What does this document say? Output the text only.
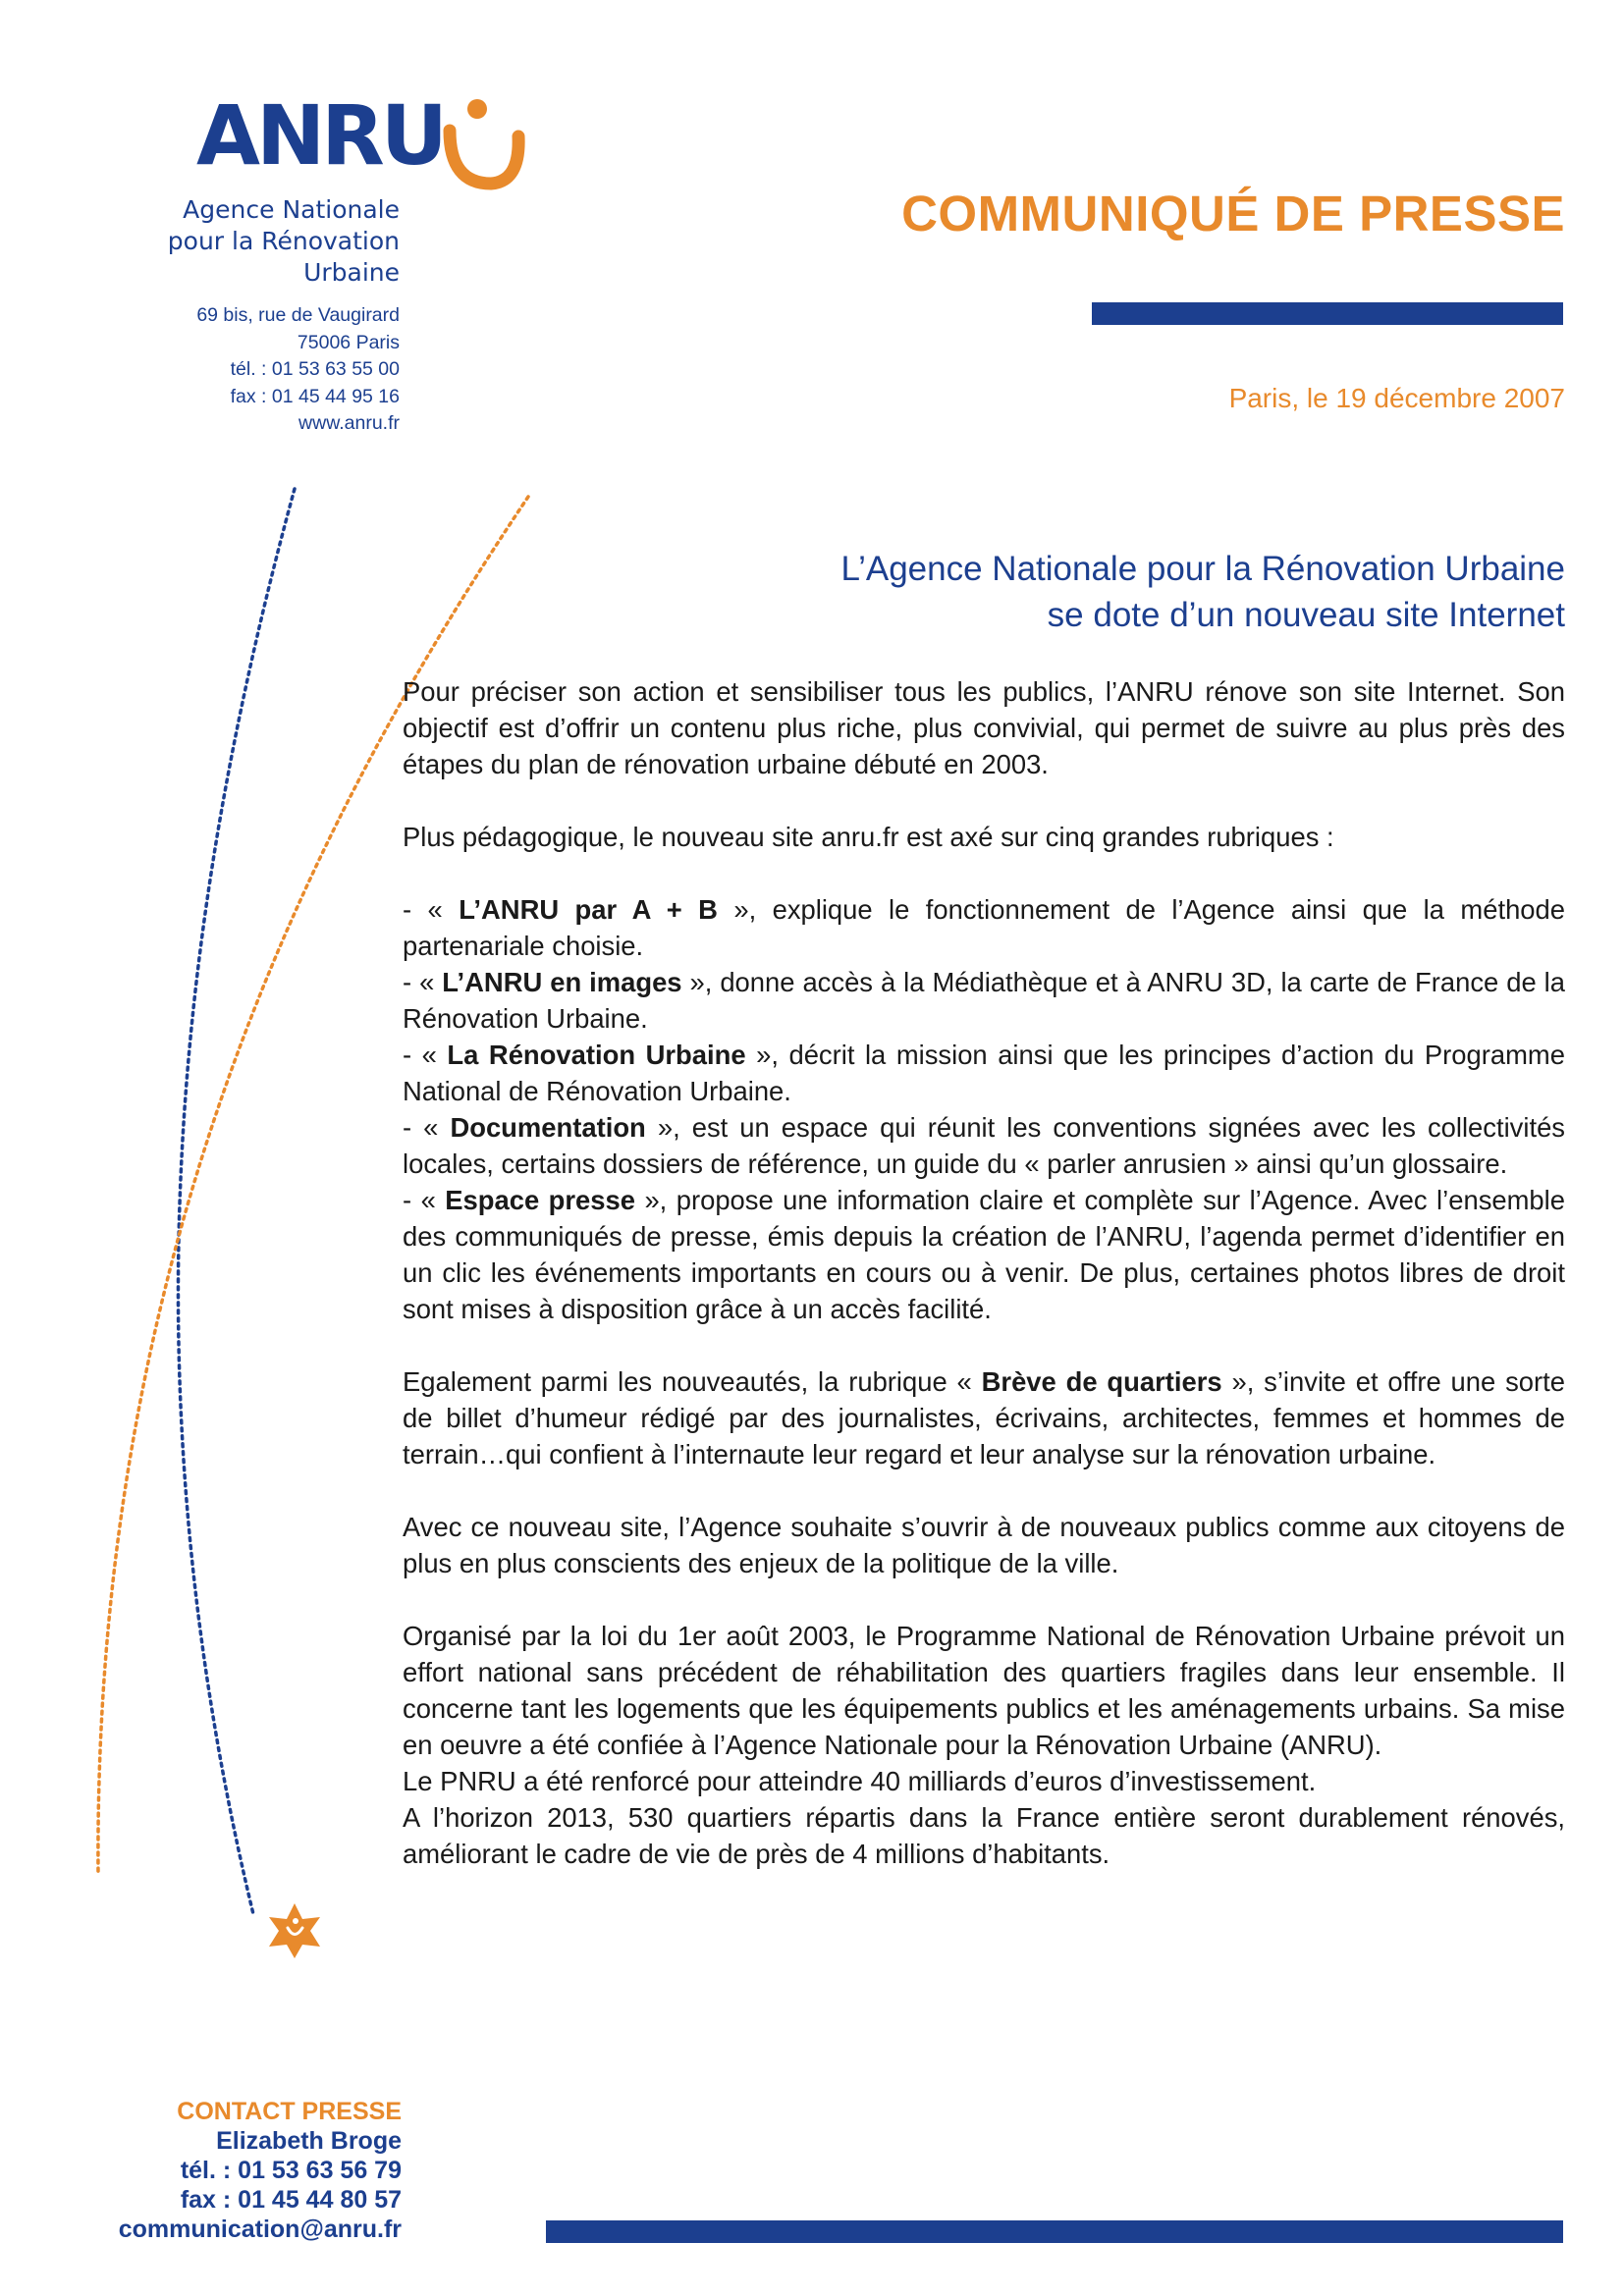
ANRU
Agence Nationale
pour la Rénovation
Urbaine
69 bis, rue de Vaugirard
75006 Paris
tél. : 01 53 63 55 00
fax : 01 45 44 95 16
www.anru.fr
COMMUNIQUÉ DE PRESSE
Paris, le 19 décembre 2007
L’Agence Nationale pour la Rénovation Urbaine
se dote d’un nouveau site Internet

Pour préciser son action et sensibiliser tous les publics, l’ANRU rénove son site Internet. Son objectif est d’offrir un contenu plus riche, plus convivial, qui permet de suivre au plus près des étapes du plan de rénovation urbaine débuté en 2003.

Plus pédagogique, le nouveau site anru.fr est axé sur cinq grandes rubriques :

- « L’ANRU par A + B », explique le fonctionnement de l’Agence ainsi que la méthode partenariale choisie.

- « L’ANRU en images », donne accès à la Médiathèque et à ANRU 3D, la carte de France de la Rénovation Urbaine.

- « La Rénovation Urbaine », décrit la mission ainsi que les principes d’action du Programme National de Rénovation Urbaine.

- « Documentation », est un espace qui réunit les conventions signées avec les collectivités locales, certains dossiers de référence, un guide du « parler anrusien » ainsi qu’un glossaire.

- « Espace presse », propose une information claire et complète sur l’Agence. Avec l’ensemble des communiqués de presse, émis depuis la création de l’ANRU, l’agenda permet d’identifier en un clic les événements importants en cours ou à venir. De plus, certaines photos libres de droit sont mises à disposition grâce à un accès facilité.

Egalement parmi les nouveautés, la rubrique « Brève de quartiers », s’invite et offre une sorte de billet d’humeur rédigé par des journalistes, écrivains, architectes, femmes et hommes de terrain…qui confient à l’internaute leur regard et leur analyse sur la rénovation urbaine.

Avec ce nouveau site, l’Agence souhaite s’ouvrir à de nouveaux publics comme aux citoyens de plus en plus conscients des enjeux de la politique de la ville.

Organisé par la loi du 1er août 2003, le Programme National de Rénovation Urbaine prévoit un effort national sans précédent de réhabilitation des quartiers fragiles dans leur ensemble. Il concerne tant les logements que les équipements publics et les aménagements urbains. Sa mise en oeuvre a été confiée à l’Agence Nationale pour la Rénovation Urbaine (ANRU).

Le PNRU a été renforcé pour atteindre 40 milliards d’euros d’investissement.

A l’horizon 2013, 530 quartiers répartis dans la France entière seront durablement rénovés, améliorant le cadre de vie de près de 4 millions d’habitants.

CONTACT PRESSE
Elizabeth Broge
tél. : 01 53 63 56 79
fax : 01 45 44 80 57
communication@anru.fr
